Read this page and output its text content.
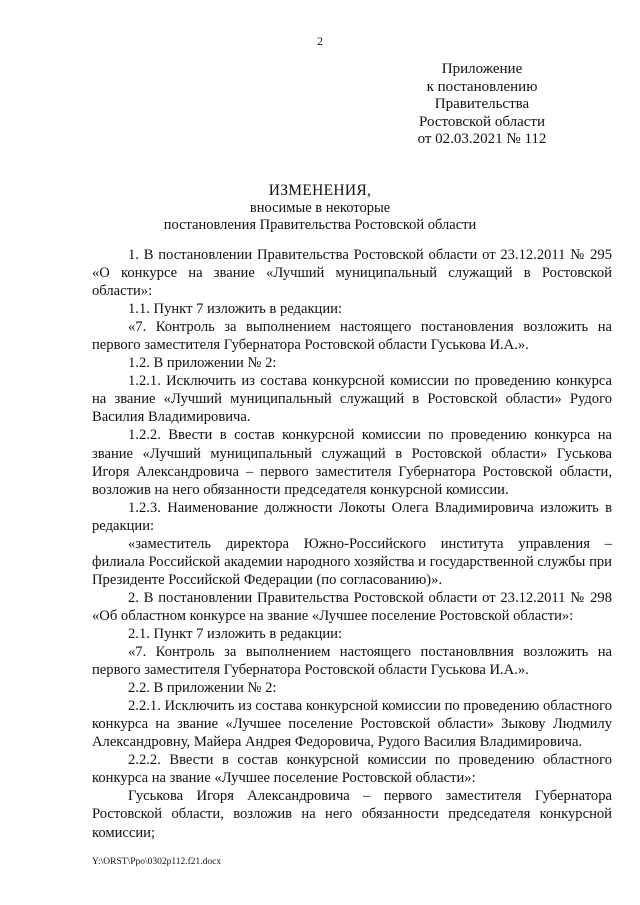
2
Приложение
к постановлению
Правительства
Ростовской области
от 02.03.2021 № 112
ИЗМЕНЕНИЯ,
вносимые в некоторые
постановления Правительства Ростовской области

1. В постановлении Правительства Ростовской области от 23.12.2011 № 295 «О конкурсе на звание «Лучший муниципальный служащий в Ростовской области»:

1.1. Пункт 7 изложить в редакции:

«7. Контроль за выполнением настоящего постановления возложить на первого заместителя Губернатора Ростовской области Гуськова И.А.».

1.2. В приложении № 2:

1.2.1. Исключить из состава конкурсной комиссии по проведению конкурса на звание «Лучший муниципальный служащий в Ростовской области» Рудого Василия Владимировича.

1.2.2. Ввести в состав конкурсной комиссии по проведению конкурса на звание «Лучший муниципальный служащий в Ростовской области» Гуськова Игоря Александровича – первого заместителя Губернатора Ростовской области, возложив на него обязанности председателя конкурсной комиссии.

1.2.3. Наименование должности Локоты Олега Владимировича изложить в редакции:

«заместитель директора Южно-Российского института управления – филиала Российской академии народного хозяйства и государственной службы при Президенте Российской Федерации (по согласованию)».

2. В постановлении Правительства Ростовской области от 23.12.2011 № 298 «Об областном конкурсе на звание «Лучшее поселение Ростовской области»:

2.1. Пункт 7 изложить в редакции:

«7. Контроль за выполнением настоящего постановлвния возложить на первого заместителя Губернатора Ростовской области Гуськова И.А.».

2.2. В приложении № 2:

2.2.1. Исключить из состава конкурсной комиссии по проведению областного конкурса на звание «Лучшее поселение Ростовской области» Зыкову Людмилу Александровну, Майера Андрея Федоровича, Рудого Василия Владимировича.

2.2.2. Ввести в состав конкурсной комиссии по проведению областного конкурса на звание «Лучшее поселение Ростовской области»:

Гуськова Игоря Александровича – первого заместителя Губернатора Ростовской области, возложив на него обязанности председателя конкурсной комиссии;

Y:\ORST\Ppo\0302p112.f21.docx
